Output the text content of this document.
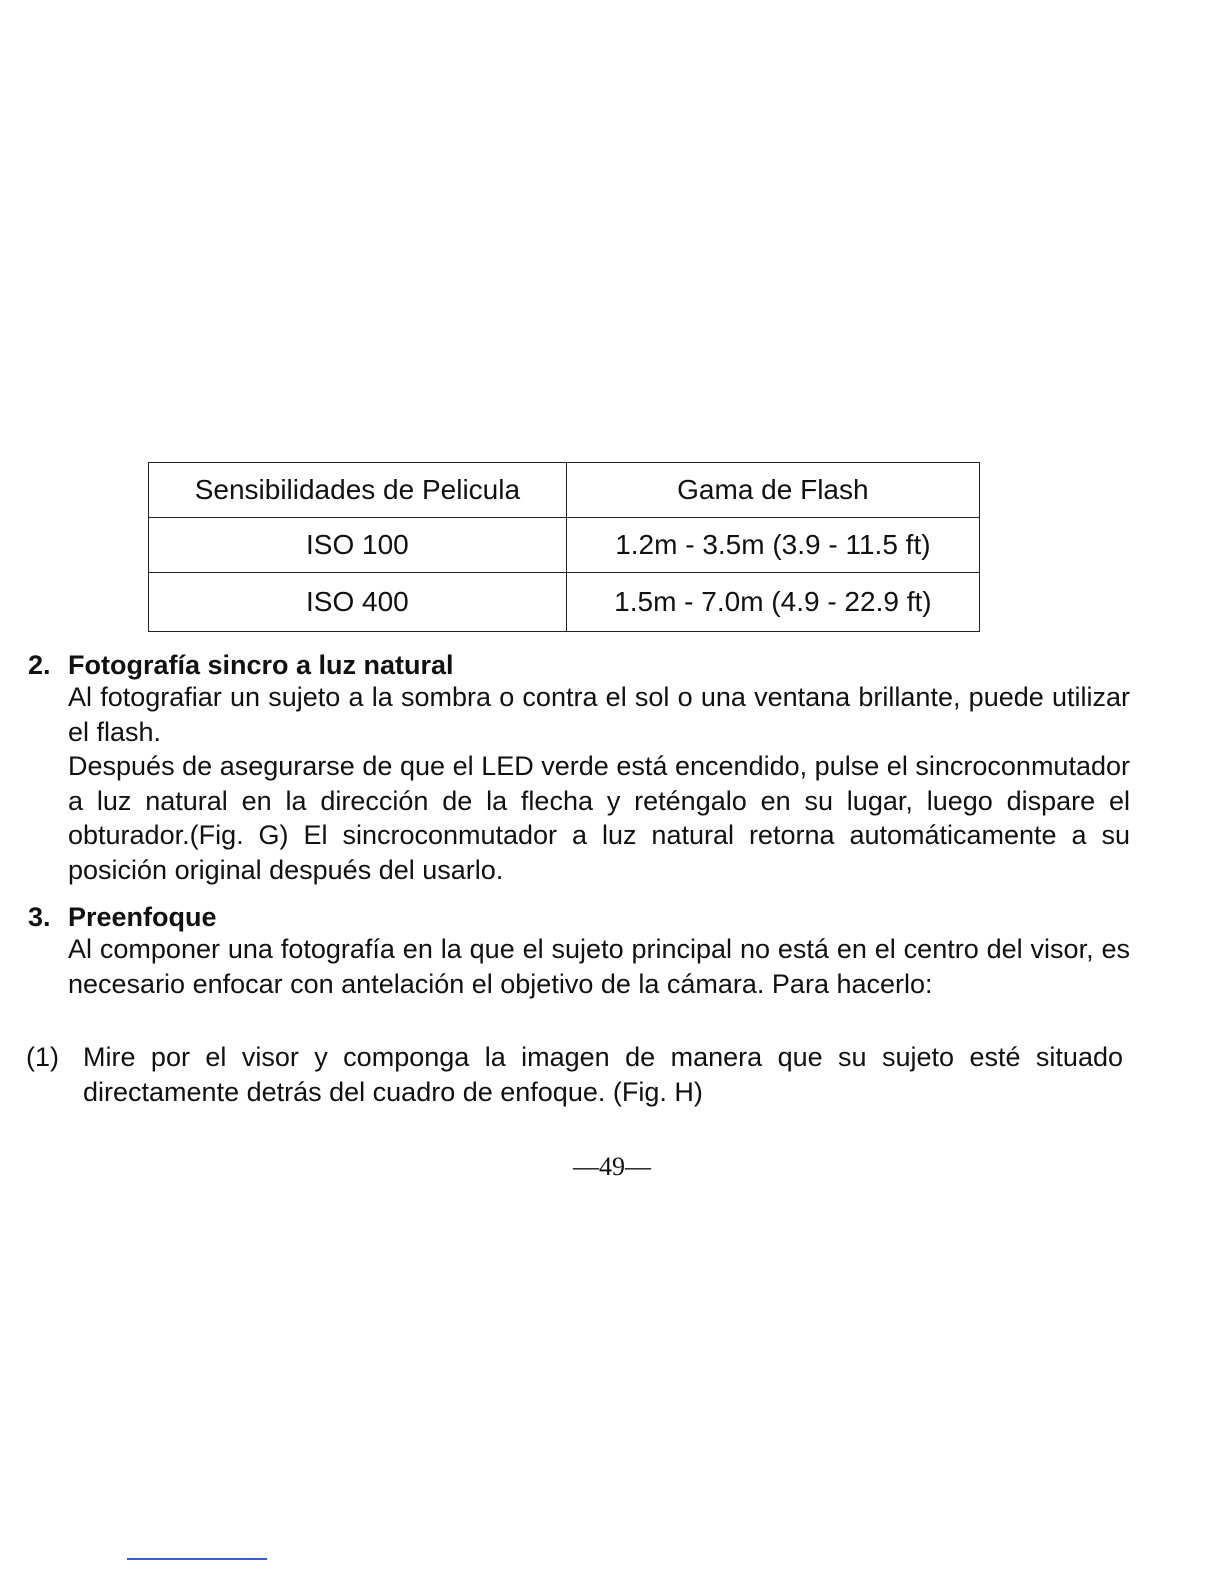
Sensibilidades de Pelicula	Gama de Flash
ISO 100	1.2m - 3.5m (3.9 - 11.5 ft)
ISO 400	1.5m - 7.0m (4.9 - 22.9 ft)
2. Fotografía sincro a luz natural

Al fotografiar un sujeto a la sombra o contra el sol o una ventana brillante, puede utilizar el flash.

Después de asegurarse de que el LED verde está encendido, pulse el sincroconmutador a luz natural en la dirección de la flecha y reténgalo en su lugar, luego dispare el obturador.(Fig. G) El sincroconmutador a luz natural retorna automáticamente a su posición original después del usarlo.

3. Preenfoque

Al componer una fotografía en la que el sujeto principal no está en el centro del visor, es necesario enfocar con antelación el objetivo de la cámara. Para hacerlo:

(1) Mire por el visor y componga la imagen de manera que su sujeto esté situado directamente detrás del cuadro de enfoque. (Fig. H)
—49—
